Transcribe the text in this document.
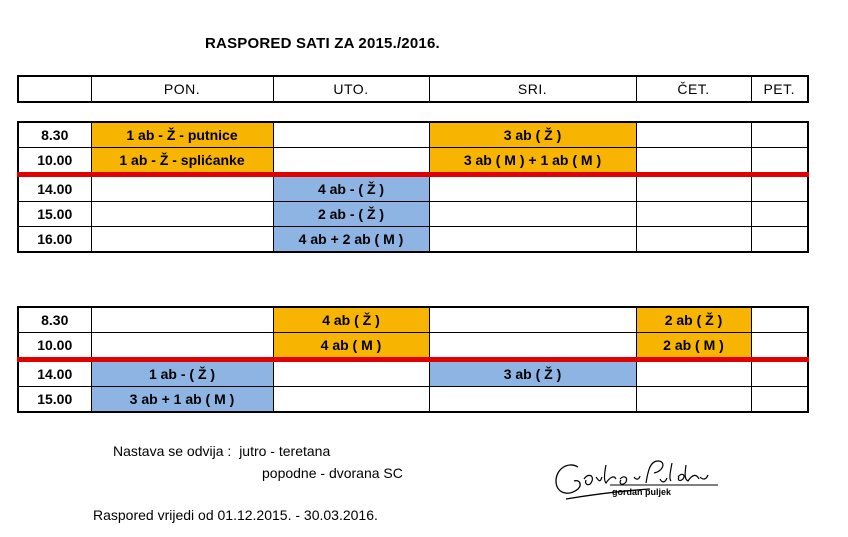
RASPORED SATI ZA 2015./2016.
	PON.	UTO.	SRI.	ČET.	PET.
8.30	1 ab - Ž - putnice		3 ab ( Ž )		
10.00	1 ab - Ž - splićanke		3 ab ( M ) + 1 ab ( M )		
14.00		4 ab - ( Ž )			
15.00		2 ab - ( Ž )			
16.00		4 ab + 2 ab ( M )			
8.30		4 ab ( Ž )		2 ab ( Ž )	
10.00		4 ab ( M )		2 ab ( M )	
14.00	1 ab - ( Ž )		3 ab ( Ž )		
15.00	3 ab + 1 ab ( M )				
Nastava se odvija : jutro - teretana
popodne - dvorana SC
Raspored vrijedi od 01.12.2015. - 30.03.2016.
gordan puljek
